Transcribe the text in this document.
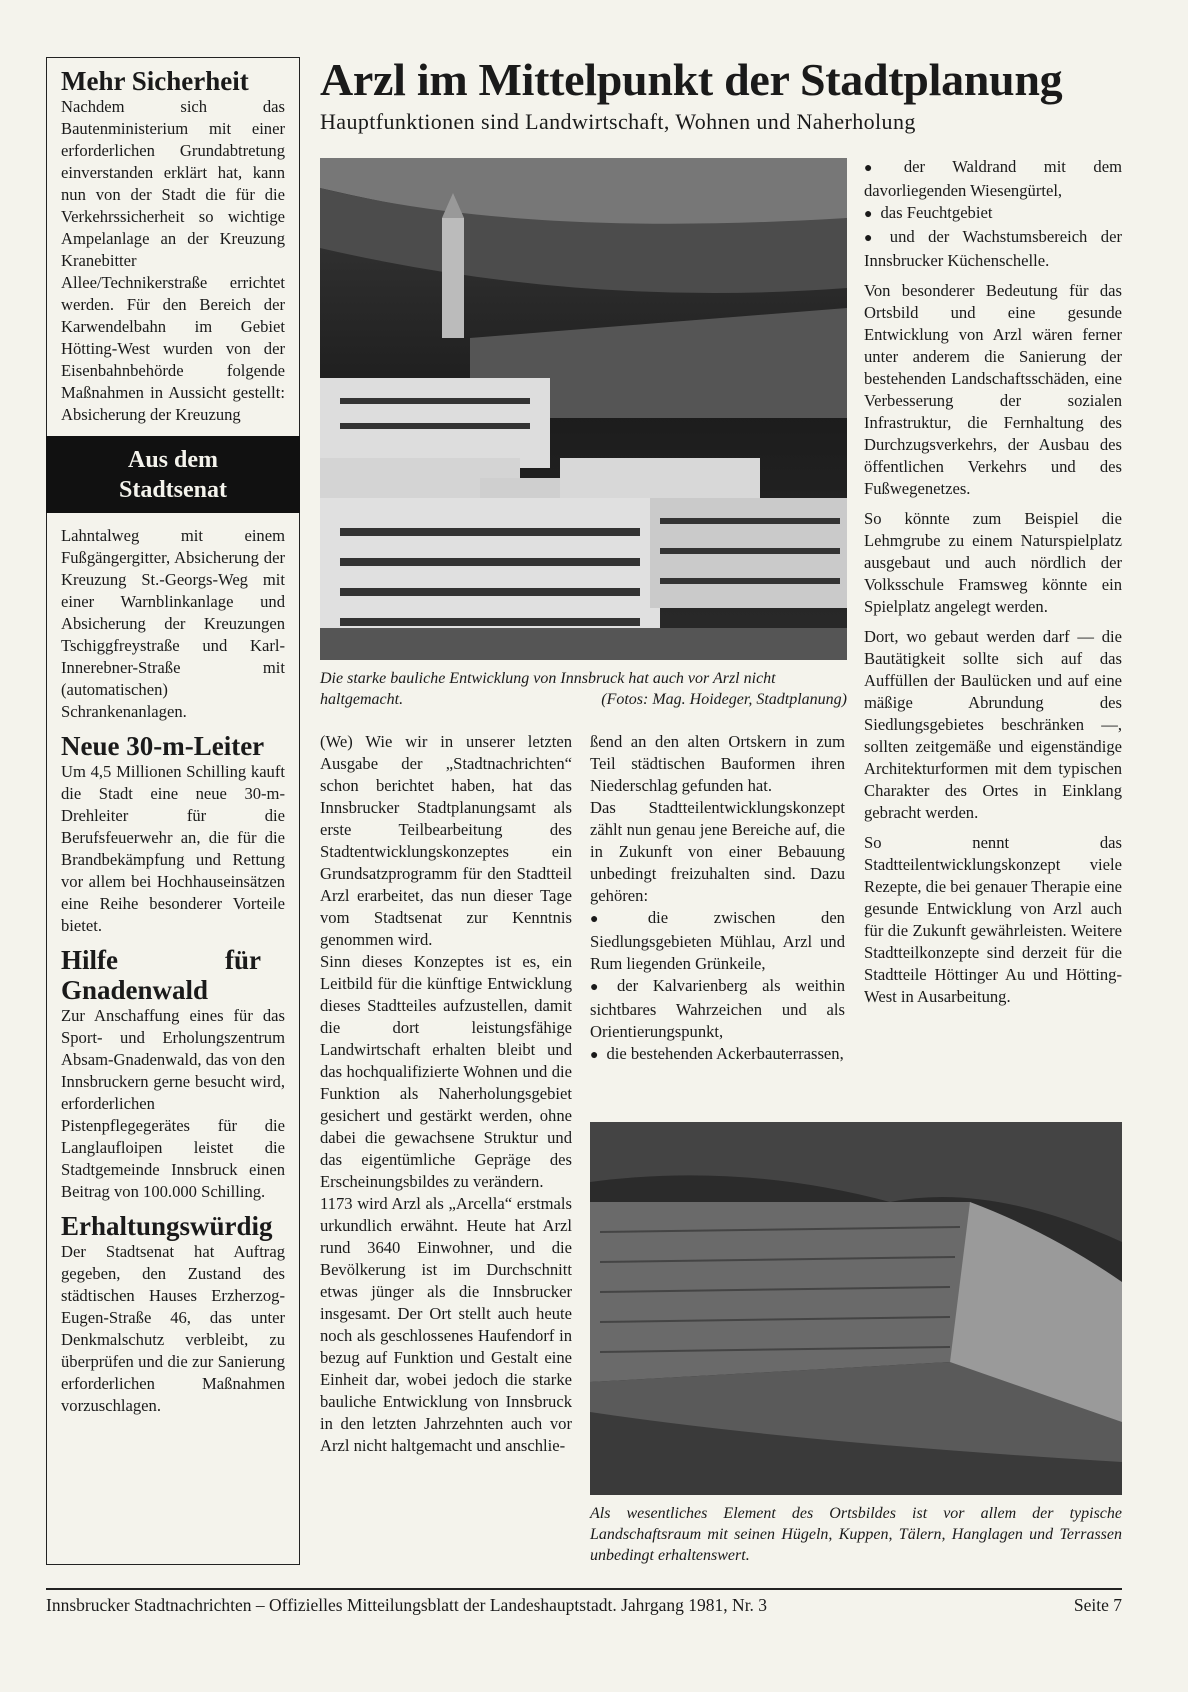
Mehr Sicherheit

Nachdem sich das Bautenministerium mit einer erforderlichen Grundabtretung einverstanden erklärt hat, kann nun von der Stadt die für die Verkehrssicherheit so wichtige Ampelanlage an der Kreuzung Kranebitter Allee/Technikerstraße errichtet werden. Für den Bereich der Karwendelbahn im Gebiet Hötting-West wurden von der Eisenbahnbehörde folgende Maßnahmen in Aussicht gestellt: Absicherung der Kreuzung

Aus dem
Stadtsenat

Lahntalweg mit einem Fußgängergitter, Absicherung der Kreuzung St.-Georgs-Weg mit einer Warnblinkanlage und Absicherung der Kreuzungen Tschiggfreystraße und Karl-Innerebner-Straße mit (automatischen) Schrankenanlagen.

Neue 30-m-Leiter

Um 4,5 Millionen Schilling kauft die Stadt eine neue 30-m-Drehleiter für die Berufsfeuerwehr an, die für die Brandbekämpfung und Rettung vor allem bei Hochhauseinsätzen eine Reihe besonderer Vorteile bietet.

Hilfe für Gnadenwald

Zur Anschaffung eines für das Sport- und Erholungszentrum Absam-Gnadenwald, das von den Innsbruckern gerne besucht wird, erforderlichen Pistenpflegegerätes für die Langlaufloipen leistet die Stadtgemeinde Innsbruck einen Beitrag von 100.000 Schilling.

Erhaltungswürdig

Der Stadtsenat hat Auftrag gegeben, den Zustand des städtischen Hauses Erzherzog-Eugen-Straße 46, das unter Denkmalschutz verbleibt, zu überprüfen und die zur Sanierung erforderlichen Maßnahmen vorzuschlagen.

Arzl im Mittelpunkt der Stadtplanung
Hauptfunktionen sind Landwirtschaft, Wohnen und Naherholung
Die starke bauliche Entwicklung von Innsbruck hat auch vor Arzl nicht haltgemacht.	(Fotos: Mag. Hoideger, Stadtplanung)

(We) Wie wir in unserer letzten Ausgabe der „Stadtnachrichten“ schon berichtet haben, hat das Innsbrucker Stadtplanungsamt als erste Teilbearbeitung des Stadtentwicklungskonzeptes ein Grundsatzprogramm für den Stadtteil Arzl erarbeitet, das nun dieser Tage vom Stadtsenat zur Kenntnis genommen wird.

Sinn dieses Konzeptes ist es, ein Leitbild für die künftige Entwicklung dieses Stadtteiles aufzustellen, damit die dort leistungsfähige Landwirtschaft erhalten bleibt und das hochqualifizierte Wohnen und die Funktion als Naherholungsgebiet gesichert und gestärkt werden, ohne dabei die gewachsene Struktur und das eigentümliche Gepräge des Erscheinungsbildes zu verändern.

1173 wird Arzl als „Arcella“ erstmals urkundlich erwähnt. Heute hat Arzl rund 3640 Einwohner, und die Bevölkerung ist im Durchschnitt etwas jünger als die Innsbrucker insgesamt. Der Ort stellt auch heute noch als geschlossenes Haufendorf in bezug auf Funktion und Gestalt eine Einheit dar, wobei jedoch die starke bauliche Entwicklung von Innsbruck in den letzten Jahrzehnten auch vor Arzl nicht haltgemacht und anschlie-

ßend an den alten Ortskern in zum Teil städtischen Bauformen ihren Niederschlag gefunden hat.

Das Stadtteilentwicklungskonzept zählt nun genau jene Bereiche auf, die in Zukunft von einer Bebauung unbedingt freizuhalten sind. Dazu gehören:

● die zwischen den Siedlungsgebieten Mühlau, Arzl und Rum liegenden Grünkeile,

● der Kalvarienberg als weithin sichtbares Wahrzeichen und als Orientierungspunkt,

● die bestehenden Ackerbauterrassen,

● der Waldrand mit dem davorliegenden Wiesengürtel,

● das Feuchtgebiet

● und der Wachstumsbereich der Innsbrucker Küchenschelle.

Von besonderer Bedeutung für das Ortsbild und eine gesunde Entwicklung von Arzl wären ferner unter anderem die Sanierung der bestehenden Landschaftsschäden, eine Verbesserung der sozialen Infrastruktur, die Fernhaltung des Durchzugsverkehrs, der Ausbau des öffentlichen Verkehrs und des Fußwegenetzes.

So könnte zum Beispiel die Lehmgrube zu einem Naturspielplatz ausgebaut und auch nördlich der Volksschule Framsweg könnte ein Spielplatz angelegt werden.

Dort, wo gebaut werden darf — die Bautätigkeit sollte sich auf das Auffüllen der Baulücken und auf eine mäßige Abrundung des Siedlungsgebietes beschränken —, sollten zeitgemäße und eigenständige Architekturformen mit dem typischen Charakter des Ortes in Einklang gebracht werden.

So nennt das Stadtteilentwicklungskonzept viele Rezepte, die bei genauer Therapie eine gesunde Entwicklung von Arzl auch für die Zukunft gewährleisten. Weitere Stadtteilkonzepte sind derzeit für die Stadtteile Höttinger Au und Hötting-West in Ausarbeitung.

Als wesentliches Element des Ortsbildes ist vor allem der typische Landschaftsraum mit seinen Hügeln, Kuppen, Tälern, Hanglagen und Terrassen unbedingt erhaltenswert.
Innsbrucker Stadtnachrichten – Offizielles Mitteilungsblatt der Landeshauptstadt. Jahrgang 1981, Nr. 3	Seite 7
